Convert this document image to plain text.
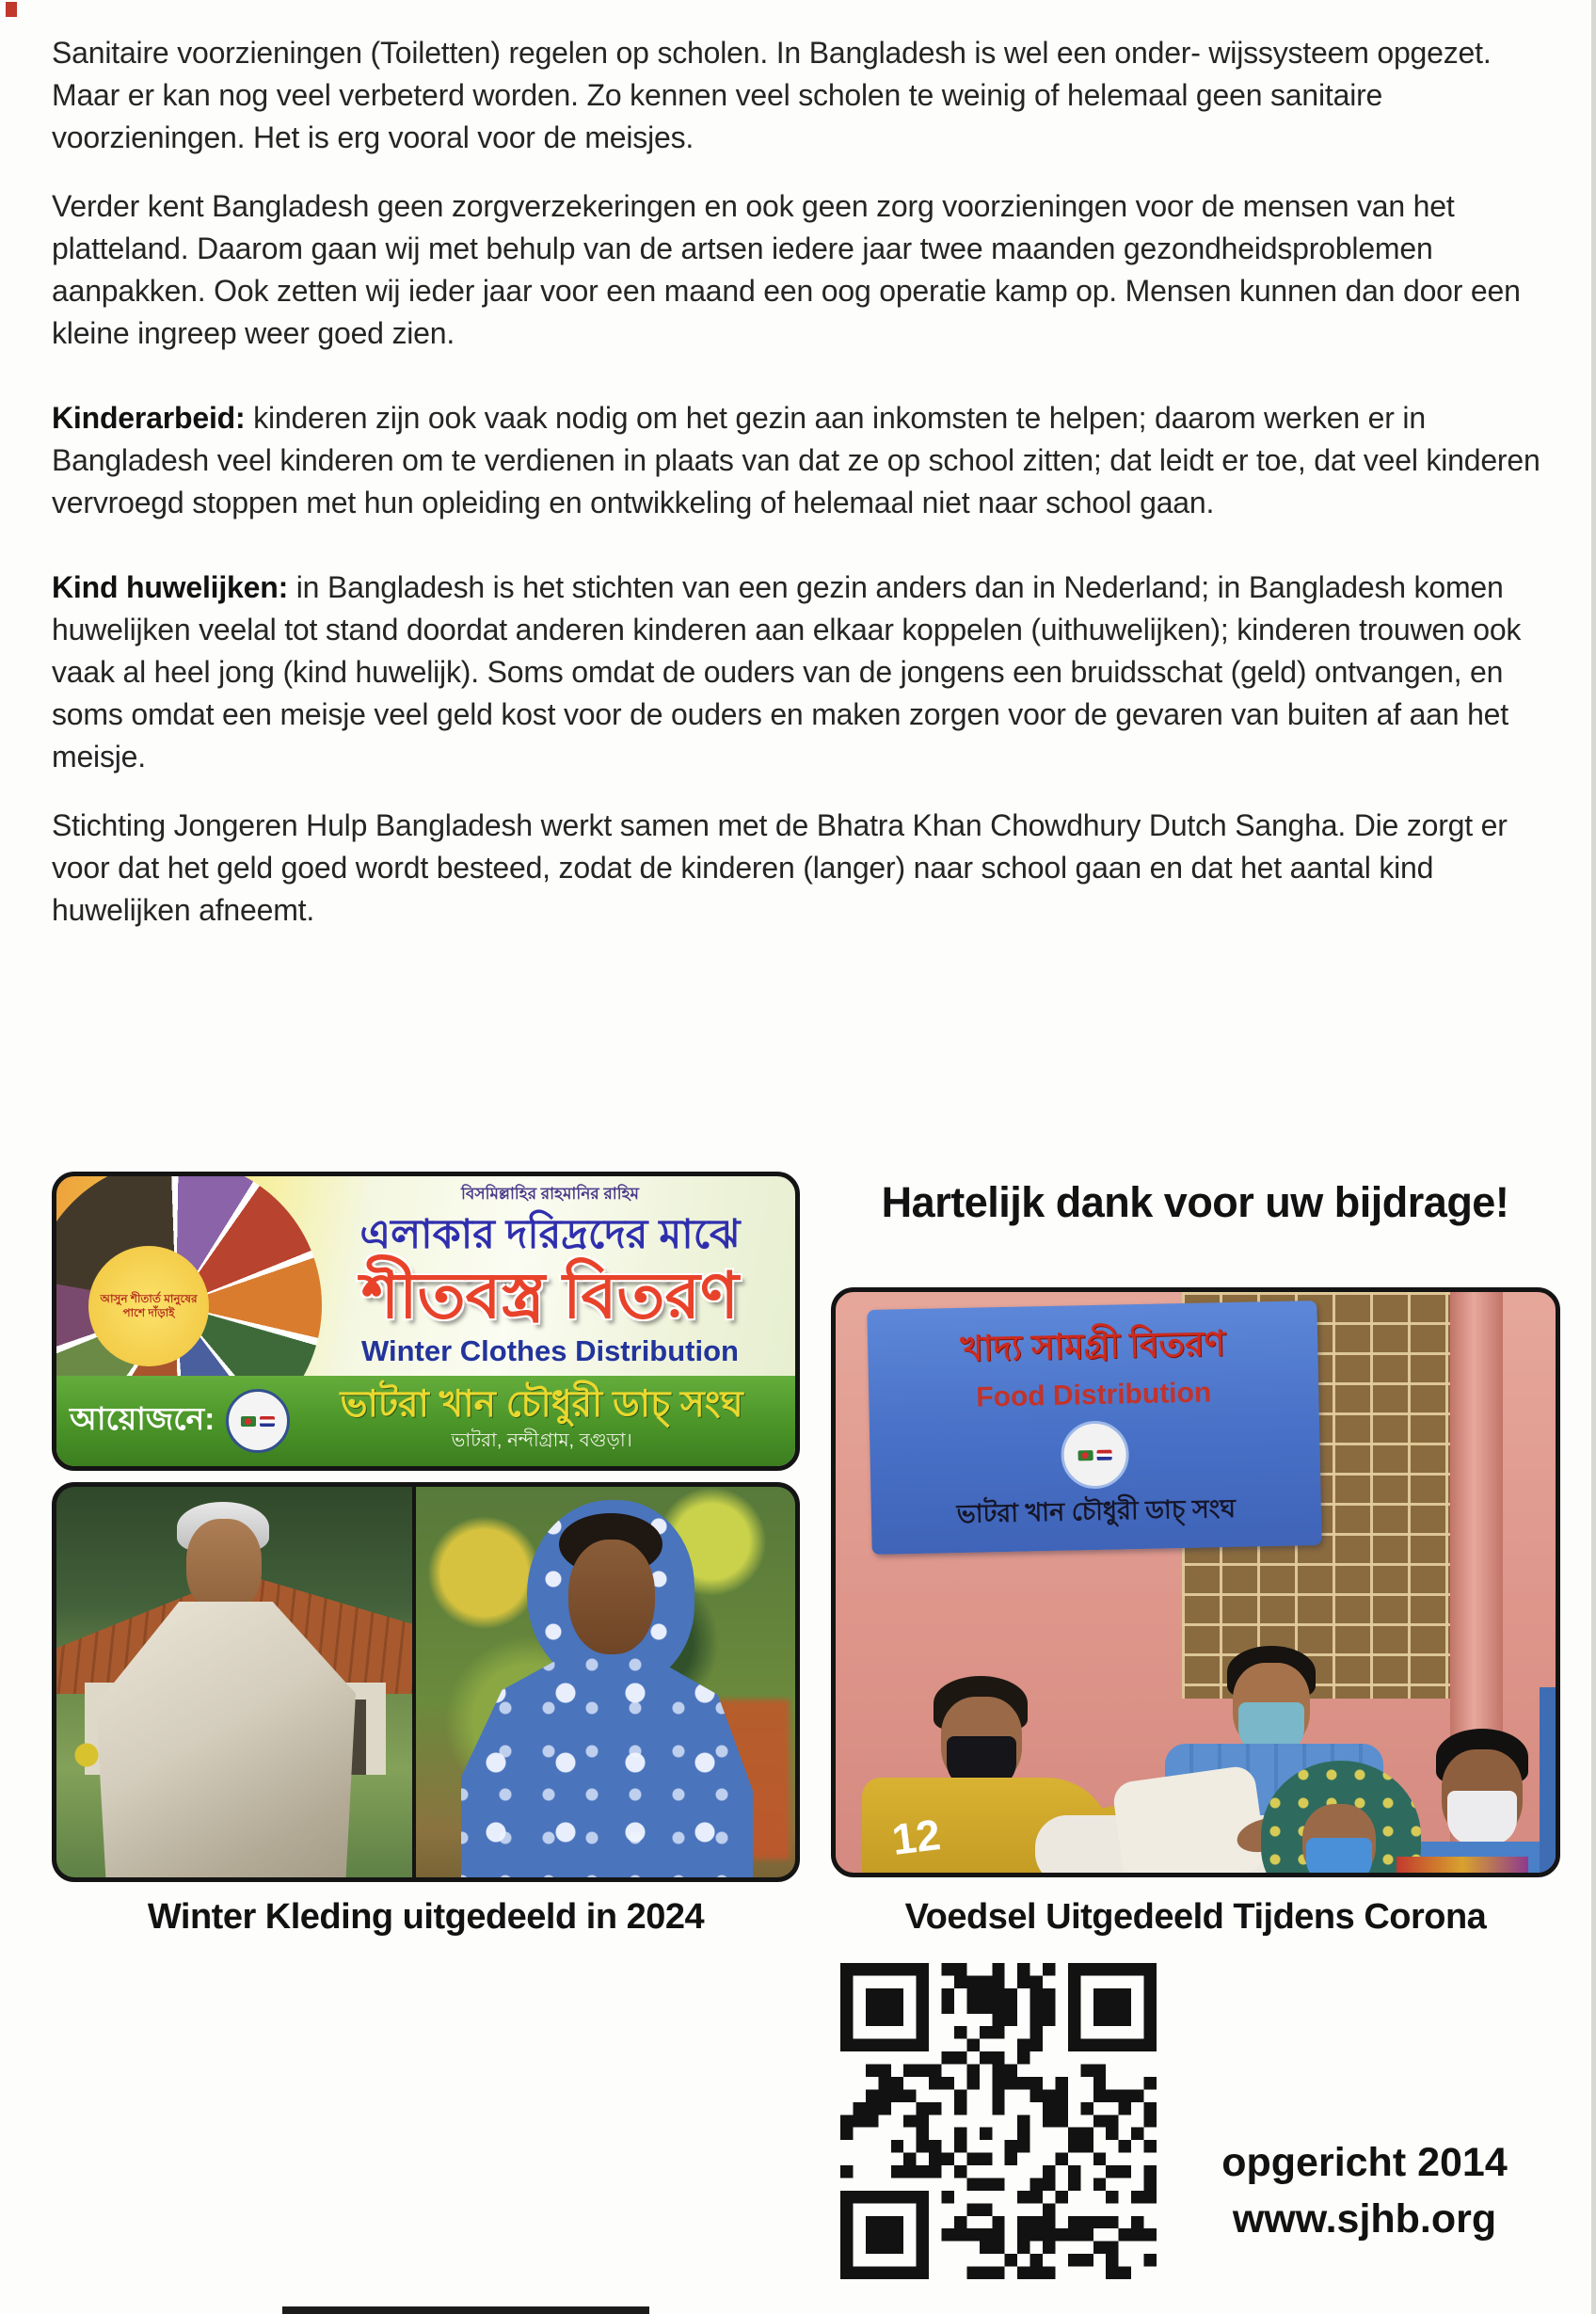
Sanitaire voorzieningen (Toiletten) regelen op scholen. In Bangladesh is wel een onder- wijssysteem opgezet. Maar er kan nog veel verbeterd worden. Zo kennen veel scholen te weinig of helemaal geen sanitaire voorzieningen. Het is erg vooral voor de meisjes.

Verder kent Bangladesh geen zorgverzekeringen en ook geen zorg voorzieningen voor de mensen van het platteland. Daarom gaan wij met behulp van de artsen iedere jaar twee maanden gezondheidsproblemen aanpakken. Ook zetten wij ieder jaar voor een maand een oog operatie kamp op. Mensen kunnen dan door een kleine ingreep weer goed zien.

Kinderarbeid: kinderen zijn ook vaak nodig om het gezin aan inkomsten te helpen; daarom werken er in Bangladesh veel kinderen om te verdienen in plaats van dat ze op school zitten; dat leidt er toe, dat veel kinderen vervroegd stoppen met hun opleiding en ontwikkeling of helemaal niet naar school gaan.

Kind huwelijken: in Bangladesh is het stichten van een gezin anders dan in Nederland; in Bangladesh komen huwelijken veelal tot stand doordat anderen kinderen aan elkaar koppelen (uithuwelijken); kinderen trouwen ook vaak al heel jong (kind huwelijk). Soms omdat de ouders van de jongens een bruidsschat (geld) ontvangen, en soms omdat een meisje veel geld kost voor de ouders en maken zorgen voor de gevaren van buiten af aan het meisje.

Stichting Jongeren Hulp Bangladesh werkt samen met de Bhatra Khan Chowdhury Dutch Sangha. Die zorgt er voor dat het geld goed wordt besteed, zodat de kinderen (langer) naar school gaan en dat het aantal kind huwelijken afneemt.

আসুন শীতার্ত মানুষের পাশে দাঁড়াই
বিসমিল্লাহির রাহমানির রাহিম
এলাকার দরিদ্রদের মাঝে
শীতবস্ত্র বিতরণ
Winter Clothes Distribution
আয়োজনে:	ভাটরা খান চৌধুরী ডাচ্ সংঘ
ভাটরা, নন্দীগ্রাম, বগুড়া।
Hartelijk dank voor uw bijdrage!
খাদ্য সামগ্রী বিতরণ
Food Distribution
ভাটরা খান চৌধুরী ডাচ্ সংঘ
12
Winter Kleding uitgedeeld in 2024	Voedsel Uitgedeeld Tijdens Corona
opgericht 2014
www.sjhb.org
